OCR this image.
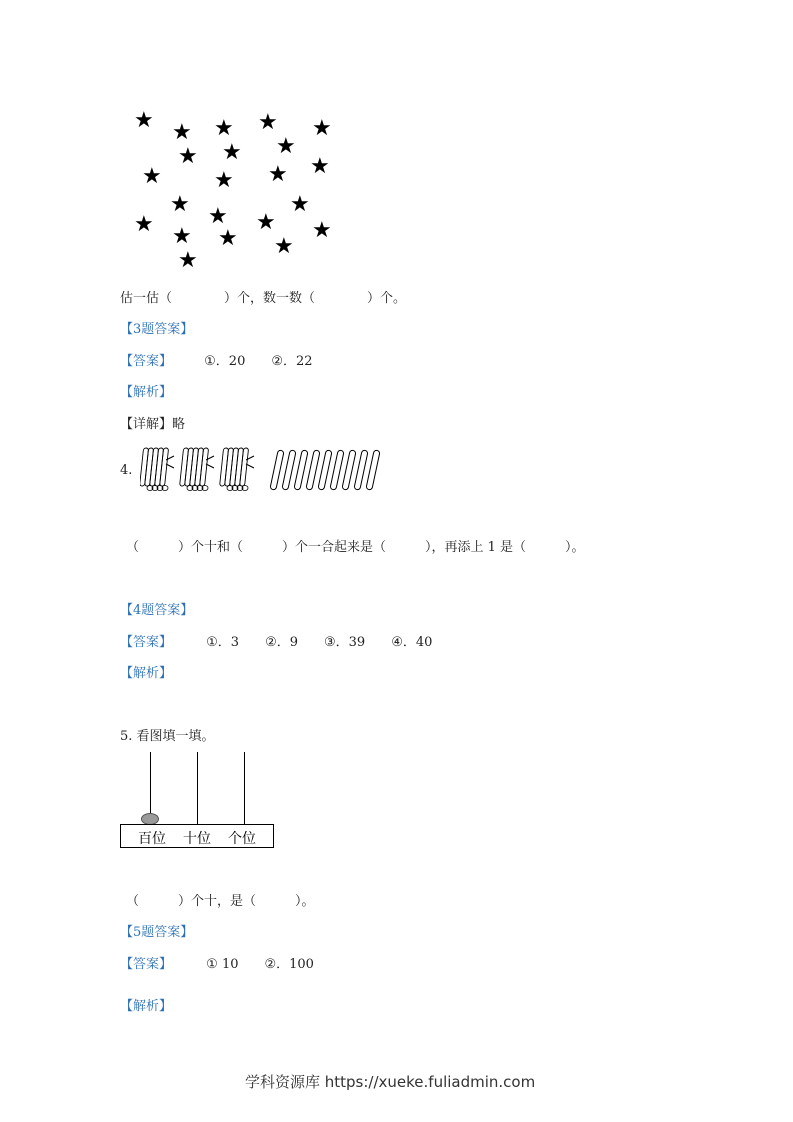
★ ★ ★ ★ ★
★
★
★
★ ★ ★ ★
★ ★ ★
★
★ ★ ★ ★
★
★
估一估（　　　　）个，数一数（　　　　）个。
【3题答案】
【答案】 ①．20　　②．22
【解析】
【详解】略
4.
（　　　）个十和（　　　）个一合起来是（　　　），再添上 1 是（　　　）。
【4题答案】
【答案】	①．3　　②．9　　③．39　　④．40
【解析】
5. 看图填一填。
百位 十位 个位
（　　　）个十，是（　　　）。
【5题答案】
【答案】	① 10　　②．100
【解析】
学科资源库 https://xueke.fuliadmin.com
